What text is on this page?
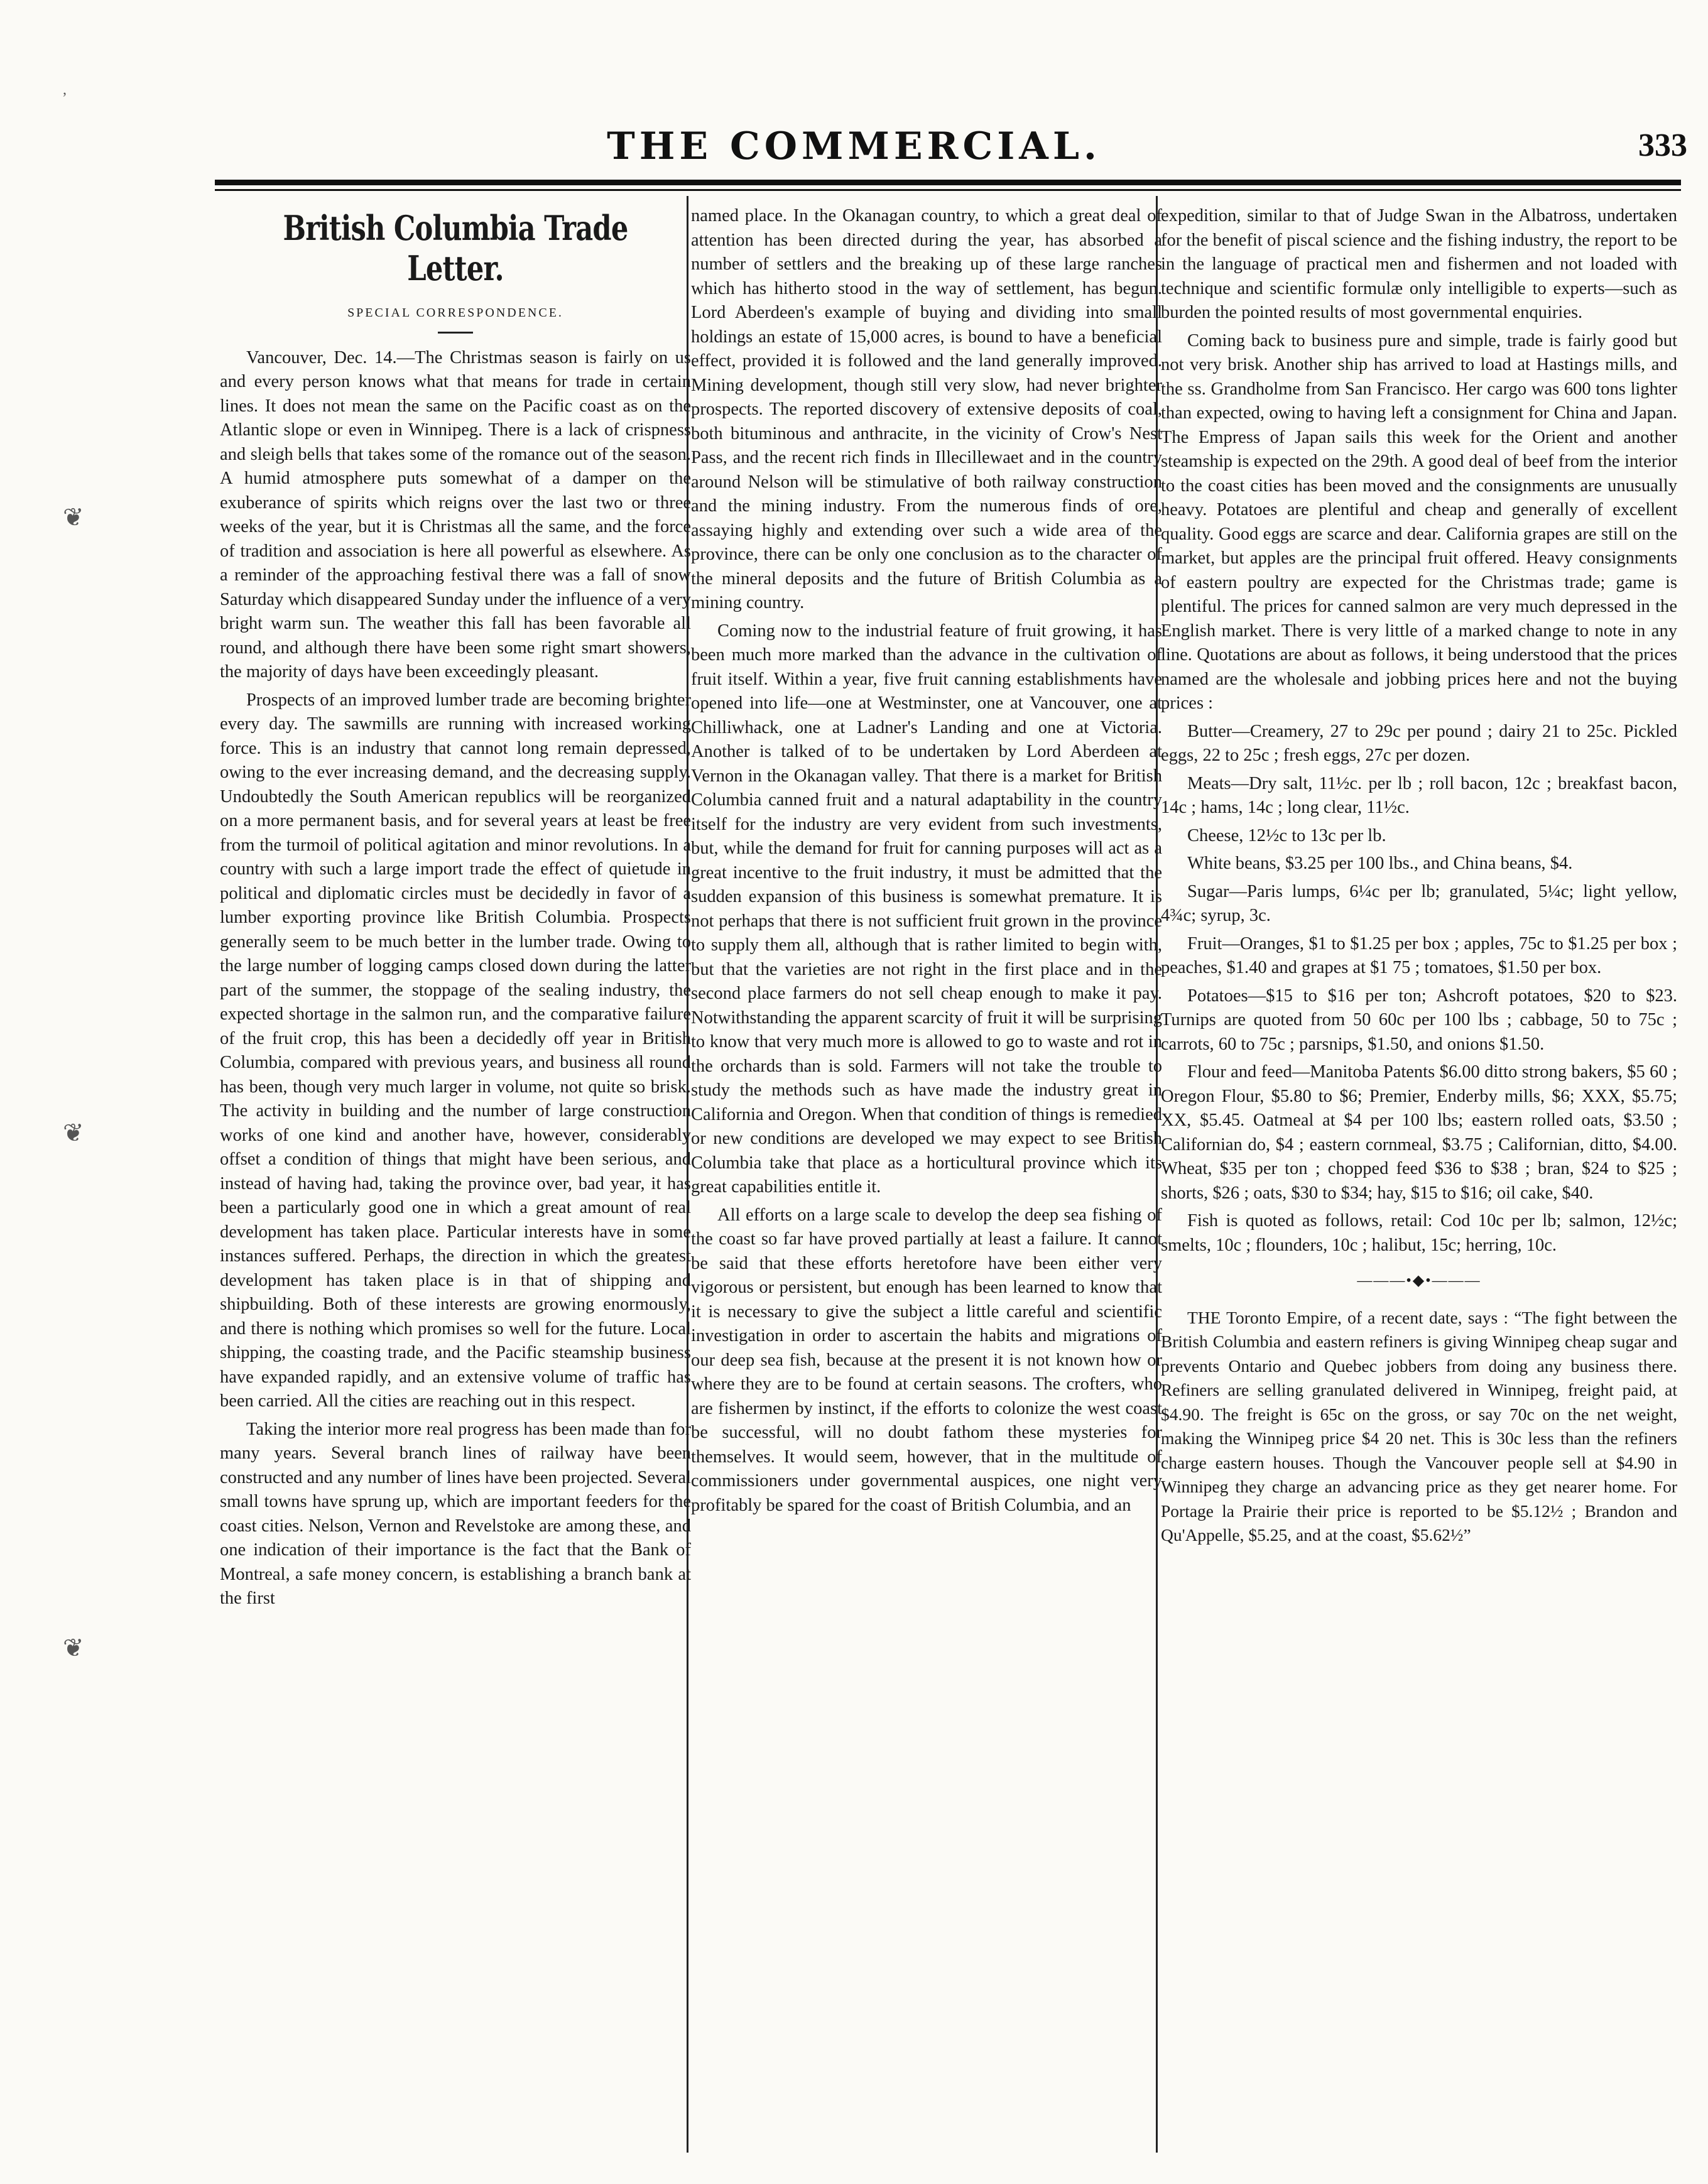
THE COMMERCIAL.	333
,
❦
❦
❦
British Columbia Trade Letter.
SPECIAL CORRESPONDENCE.

Vancouver, Dec. 14.—The Christmas season is fairly on us and every person knows what that means for trade in certain lines. It does not mean the same on the Pacific coast as on the Atlantic slope or even in Winnipeg. There is a lack of crispness and sleigh bells that takes some of the romance out of the season. A humid atmosphere puts somewhat of a damper on the exuberance of spirits which reigns over the last two or three weeks of the year, but it is Christmas all the same, and the force of tradition and association is here all powerful as elsewhere. As a reminder of the approaching festival there was a fall of snow Saturday which disappeared Sunday under the influence of a very bright warm sun. The weather this fall has been favorable all round, and although there have been some right smart showers, the majority of days have been exceedingly pleasant.

Prospects of an improved lumber trade are becoming brighter every day. The sawmills are running with increased working force. This is an industry that cannot long remain depressed, owing to the ever increasing demand, and the decreasing supply. Undoubtedly the South American republics will be reorganized on a more permanent basis, and for several years at least be free from the turmoil of political agitation and minor revolutions. In a country with such a large import trade the effect of quietude in political and diplomatic circles must be decidedly in favor of a lumber exporting province like British Columbia. Prospects generally seem to be much better in the lumber trade. Owing to the large number of logging camps closed down during the latter part of the summer, the stoppage of the sealing industry, the expected shortage in the salmon run, and the comparative failure of the fruit crop, this has been a decidedly off year in British Columbia, compared with previous years, and business all round has been, though very much larger in volume, not quite so brisk. The activity in building and the number of large construction works of one kind and another have, however, considerably offset a condition of things that might have been serious, and instead of having had, taking the province over, bad year, it has been a particularly good one in which a great amount of real development has taken place. Particular interests have in some instances suffered. Perhaps, the direction in which the greatest development has taken place is in that of shipping and shipbuilding. Both of these interests are growing enormously, and there is nothing which promises so well for the future. Local shipping, the coasting trade, and the Pacific steamship business have expanded rapidly, and an extensive volume of traffic has been carried. All the cities are reaching out in this respect.

Taking the interior more real progress has been made than for many years. Several branch lines of railway have been constructed and any number of lines have been projected. Several small towns have sprung up, which are important feeders for the coast cities. Nelson, Vernon and Revelstoke are among these, and one indication of their importance is the fact that the Bank of Montreal, a safe money concern, is establishing a branch bank at the first

named place. In the Okanagan country, to which a great deal of attention has been directed during the year, has absorbed a number of settlers and the breaking up of these large ranches which has hitherto stood in the way of settlement, has begun. Lord Aberdeen's example of buying and dividing into small holdings an estate of 15,000 acres, is bound to have a beneficial effect, provided it is followed and the land generally improved. Mining development, though still very slow, had never brighter prospects. The reported discovery of extensive deposits of coal, both bituminous and anthracite, in the vicinity of Crow's Nest Pass, and the recent rich finds in Illecillewaet and in the country around Nelson will be stimulative of both railway construction and the mining industry. From the numerous finds of ore, assaying highly and extending over such a wide area of the province, there can be only one conclusion as to the character of the mineral deposits and the future of British Columbia as a mining country.

Coming now to the industrial feature of fruit growing, it has been much more marked than the advance in the cultivation of fruit itself. Within a year, five fruit canning establishments have opened into life—one at Westminster, one at Vancouver, one at Chilliwhack, one at Ladner's Landing and one at Victoria. Another is talked of to be undertaken by Lord Aberdeen at Vernon in the Okanagan valley. That there is a market for British Columbia canned fruit and a natural adaptability in the country itself for the industry are very evident from such investments, but, while the demand for fruit for canning purposes will act as a great incentive to the fruit industry, it must be admitted that the sudden expansion of this business is somewhat premature. It is not perhaps that there is not sufficient fruit grown in the province to supply them all, although that is rather limited to begin with, but that the varieties are not right in the first place and in the second place farmers do not sell cheap enough to make it pay. Notwithstanding the apparent scarcity of fruit it will be surprising to know that very much more is allowed to go to waste and rot in the orchards than is sold. Farmers will not take the trouble to study the methods such as have made the industry great in California and Oregon. When that condition of things is remedied or new conditions are developed we may expect to see British Columbia take that place as a horticultural province which its great capabilities entitle it.

All efforts on a large scale to develop the deep sea fishing of the coast so far have proved partially at least a failure. It cannot be said that these efforts heretofore have been either very vigorous or persistent, but enough has been learned to know that it is necessary to give the subject a little careful and scientific investigation in order to ascertain the habits and migrations of our deep sea fish, because at the present it is not known how or where they are to be found at certain seasons. The crofters, who are fishermen by instinct, if the efforts to colonize the west coast be successful, will no doubt fathom these mysteries for themselves. It would seem, however, that in the multitude of commissioners under governmental auspices, one night very profitably be spared for the coast of British Columbia, and an

expedition, similar to that of Judge Swan in the Albatross, undertaken for the benefit of piscal science and the fishing industry, the report to be in the language of practical men and fishermen and not loaded with technique and scientific formulæ only intelligible to experts—such as burden the pointed results of most governmental enquiries.

Coming back to business pure and simple, trade is fairly good but not very brisk. Another ship has arrived to load at Hastings mills, and the ss. Grandholme from San Francisco. Her cargo was 600 tons lighter than expected, owing to having left a consignment for China and Japan. The Empress of Japan sails this week for the Orient and another steamship is expected on the 29th. A good deal of beef from the interior to the coast cities has been moved and the consignments are unusually heavy. Potatoes are plentiful and cheap and generally of excellent quality. Good eggs are scarce and dear. California grapes are still on the market, but apples are the principal fruit offered. Heavy consignments of eastern poultry are expected for the Christmas trade; game is plentiful. The prices for canned salmon are very much depressed in the English market. There is very little of a marked change to note in any line. Quotations are about as follows, it being understood that the prices named are the wholesale and jobbing prices here and not the buying prices :

Butter—Creamery, 27 to 29c per pound ; dairy 21 to 25c. Pickled eggs, 22 to 25c ; fresh eggs, 27c per dozen.

Meats—Dry salt, 11½c. per lb ; roll bacon, 12c ; breakfast bacon, 14c ; hams, 14c ; long clear, 11½c.

Cheese, 12½c to 13c per lb.

White beans, $3.25 per 100 lbs., and China beans, $4.

Sugar—Paris lumps, 6¼c per lb; granulated, 5¼c; light yellow, 4¾c; syrup, 3c.

Fruit—Oranges, $1 to $1.25 per box ; apples, 75c to $1.25 per box ; peaches, $1.40 and grapes at $1 75 ; tomatoes, $1.50 per box.

Potatoes—$15 to $16 per ton; Ashcroft potatoes, $20 to $23. Turnips are quoted from 50 60c per 100 lbs ; cabbage, 50 to 75c ; carrots, 60 to 75c ; parsnips, $1.50, and onions $1.50.

Flour and feed—Manitoba Patents $6.00 ditto strong bakers, $5 60 ; Oregon Flour, $5.80 to $6; Premier, Enderby mills, $6; XXX, $5.75; XX, $5.45. Oatmeal at $4 per 100 lbs; eastern rolled oats, $3.50 ; Californian do, $4 ; eastern cornmeal, $3.75 ; Californian, ditto, $4.00. Wheat, $35 per ton ; chopped feed $36 to $38 ; bran, $24 to $25 ; shorts, $26 ; oats, $30 to $34; hay, $15 to $16; oil cake, $40.

Fish is quoted as follows, retail: Cod 10c per lb; salmon, 12½c; smelts, 10c ; flounders, 10c ; halibut, 15c; herring, 10c.

———•◆•———

THE Toronto Empire, of a recent date, says : “The fight between the British Columbia and eastern refiners is giving Winnipeg cheap sugar and prevents Ontario and Quebec jobbers from doing any business there. Refiners are selling granulated delivered in Winnipeg, freight paid, at $4.90. The freight is 65c on the gross, or say 70c on the net weight, making the Winnipeg price $4 20 net. This is 30c less than the refiners charge eastern houses. Though the Vancouver people sell at $4.90 in Winnipeg they charge an advancing price as they get nearer home. For Portage la Prairie their price is reported to be $5.12½ ; Brandon and Qu'Appelle, $5.25, and at the coast, $5.62½”
